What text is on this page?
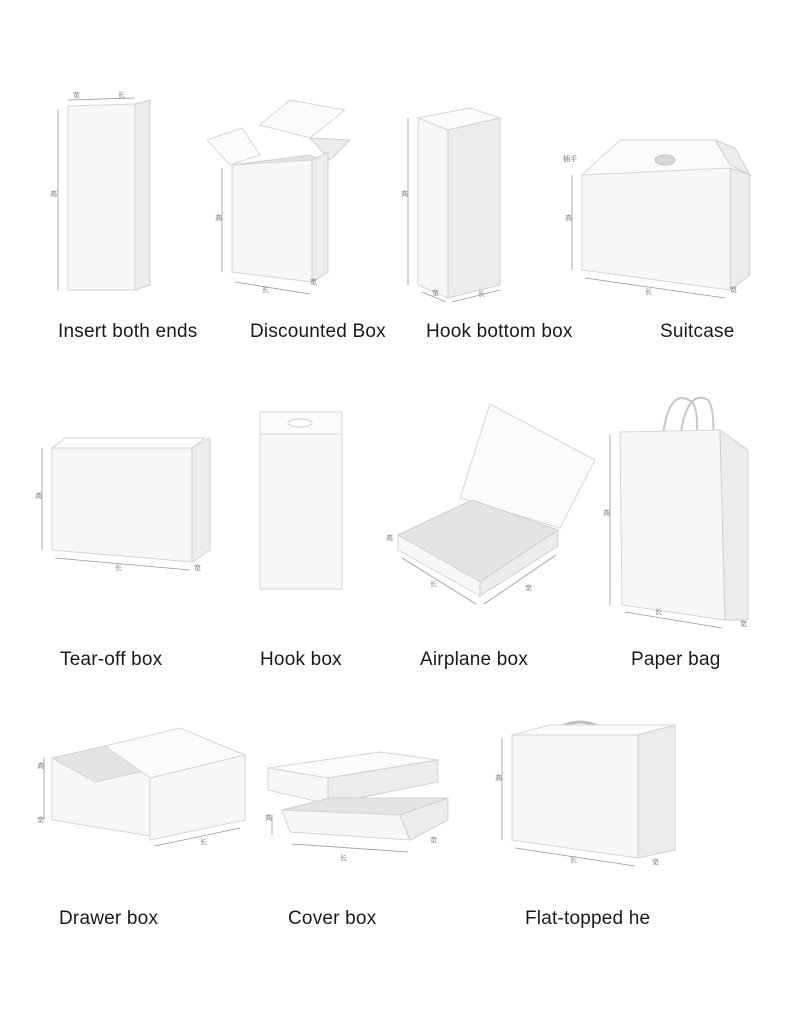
高
宽	长
Insert both ends
高
长
宽
Discounted Box
高
宽	长
Hook bottom box
插手
高
长	宽
Suitcase
高
长	宽
Tear-off box	Hook box
高
长	宽
Airplane box
高
长
宽
Paper bag
高
宽
长
Drawer box
高
长
宽
Cover box
高
长	宽
Flat-topped he
